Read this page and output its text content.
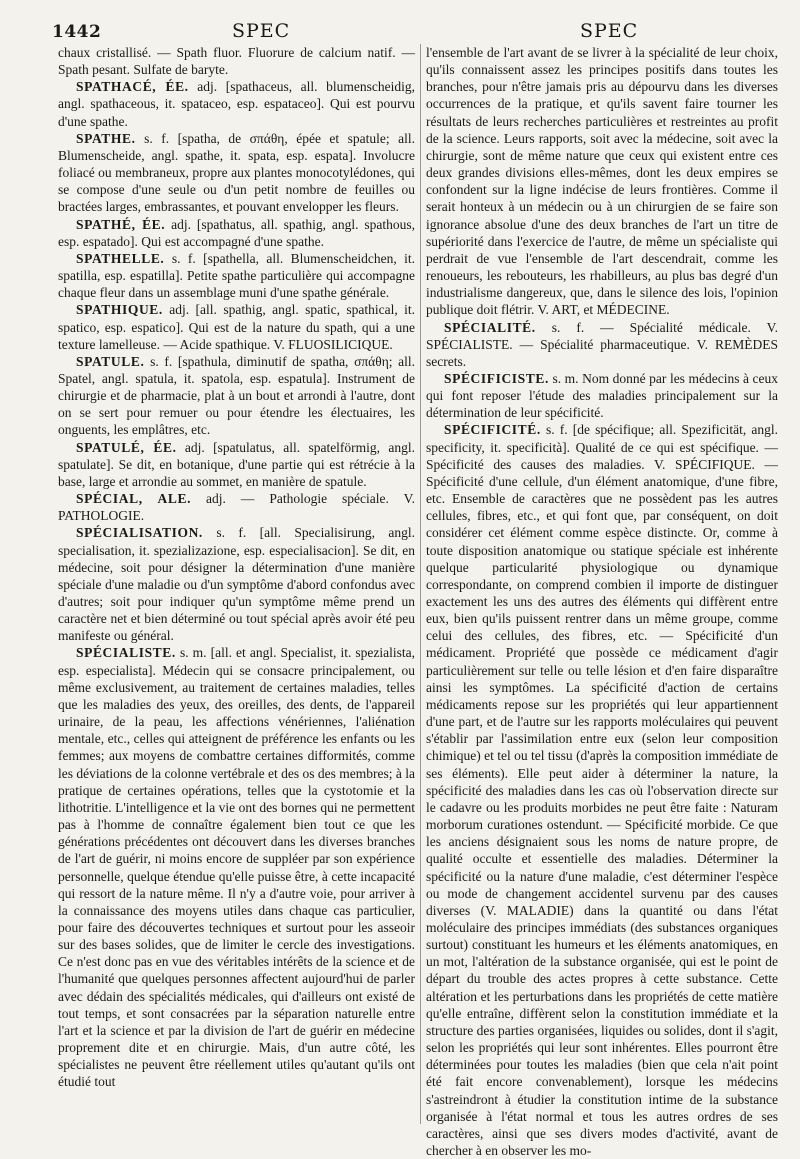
1442	SPEC	SPEC

chaux cristallisé. — Spath fluor. Fluorure de calcium natif. — Spath pesant. Sulfate de baryte.

SPATHACÉ, ÉE. adj. [spathaceus, all. blumenscheidig, angl. spathaceous, it. spataceo, esp. espataceo]. Qui est pourvu d'une spathe.

SPATHE. s. f. [spatha, de σπάθη, épée et spatule; all. Blumenscheide, angl. spathe, it. spata, esp. espata]. Involucre foliacé ou membraneux, propre aux plantes monocotylédones, qui se compose d'une seule ou d'un petit nombre de feuilles ou bractées larges, embrassantes, et pouvant envelopper les fleurs.

SPATHÉ, ÉE. adj. [spathatus, all. spathig, angl. spathous, esp. espatado]. Qui est accompagné d'une spathe.

SPATHELLE. s. f. [spathella, all. Blumenscheidchen, it. spatilla, esp. espatilla]. Petite spathe particulière qui accompagne chaque fleur dans un assemblage muni d'une spathe générale.

SPATHIQUE. adj. [all. spathig, angl. spatic, spathical, it. spatico, esp. espatico]. Qui est de la nature du spath, qui a une texture lamelleuse. — Acide spathique. V. FLUOSILICIQUE.

SPATULE. s. f. [spathula, diminutif de spatha, σπάθη; all. Spatel, angl. spatula, it. spatola, esp. espatula]. Instrument de chirurgie et de pharmacie, plat à un bout et arrondi à l'autre, dont on se sert pour remuer ou pour étendre les électuaires, les onguents, les emplâtres, etc.

SPATULÉ, ÉE. adj. [spatulatus, all. spatelförmig, angl. spatulate]. Se dit, en botanique, d'une partie qui est rétrécie à la base, large et arrondie au sommet, en manière de spatule.

SPÉCIAL, ALE. adj. — Pathologie spéciale. V. PATHOLOGIE.

SPÉCIALISATION. s. f. [all. Specialisirung, angl. specialisation, it. spezializazione, esp. especialisacion]. Se dit, en médecine, soit pour désigner la détermination d'une manière spéciale d'une maladie ou d'un symptôme d'abord confondus avec d'autres; soit pour indiquer qu'un symptôme même prend un caractère net et bien déterminé ou tout spécial après avoir été peu manifeste ou général.

SPÉCIALISTE. s. m. [all. et angl. Specialist, it. spezialista, esp. especialista]. Médecin qui se consacre principalement, ou même exclusivement, au traitement de certaines maladies, telles que les maladies des yeux, des oreilles, des dents, de l'appareil urinaire, de la peau, les affections vénériennes, l'aliénation mentale, etc., celles qui atteignent de préférence les enfants ou les femmes; aux moyens de combattre certaines difformités, comme les déviations de la colonne vertébrale et des os des membres; à la pratique de certaines opérations, telles que la cystotomie et la lithotritie. L'intelligence et la vie ont des bornes qui ne permettent pas à l'homme de connaître également bien tout ce que les générations précédentes ont découvert dans les diverses branches de l'art de guérir, ni moins encore de suppléer par son expérience personnelle, quelque étendue qu'elle puisse être, à cette incapacité qui ressort de la nature même. Il n'y a d'autre voie, pour arriver à la connaissance des moyens utiles dans chaque cas particulier, pour faire des découvertes techniques et surtout pour les asseoir sur des bases solides, que de limiter le cercle des investigations. Ce n'est donc pas en vue des véritables intérêts de la science et de l'humanité que quelques personnes affectent aujourd'hui de parler avec dédain des spécialités médicales, qui d'ailleurs ont existé de tout temps, et sont consacrées par la séparation naturelle entre l'art et la science et par la division de l'art de guérir en médecine proprement dite et en chirurgie. Mais, d'un autre côté, les spécialistes ne peuvent être réellement utiles qu'autant qu'ils ont étudié tout

l'ensemble de l'art avant de se livrer à la spécialité de leur choix, qu'ils connaissent assez les principes positifs dans toutes les branches, pour n'être jamais pris au dépourvu dans les diverses occurrences de la pratique, et qu'ils savent faire tourner les résultats de leurs recherches particulières et restreintes au profit de la science. Leurs rapports, soit avec la médecine, soit avec la chirurgie, sont de même nature que ceux qui existent entre ces deux grandes divisions elles-mêmes, dont les deux empires se confondent sur la ligne indécise de leurs frontières. Comme il serait honteux à un médecin ou à un chirurgien de se faire son ignorance absolue d'une des deux branches de l'art un titre de supériorité dans l'exercice de l'autre, de même un spécialiste qui perdrait de vue l'ensemble de l'art descendrait, comme les renoueurs, les rebouteurs, les rhabilleurs, au plus bas degré d'un industrialisme dangereux, que, dans le silence des lois, l'opinion publique doit flétrir. V. ART, et MÉDECINE.

SPÉCIALITÉ. s. f. — Spécialité médicale. V. SPÉCIALISTE. — Spécialité pharmaceutique. V. REMÈDES secrets.

SPÉCIFICISTE. s. m. Nom donné par les médecins à ceux qui font reposer l'étude des maladies principalement sur la détermination de leur spécificité.

SPÉCIFICITÉ. s. f. [de spécifique; all. Spezificität, angl. specificity, it. specificità]. Qualité de ce qui est spécifique. — Spécificité des causes des maladies. V. SPÉCIFIQUE. — Spécificité d'une cellule, d'un élément anatomique, d'une fibre, etc. Ensemble de caractères que ne possèdent pas les autres cellules, fibres, etc., et qui font que, par conséquent, on doit considérer cet élément comme espèce distincte. Or, comme à toute disposition anatomique ou statique spéciale est inhérente quelque particularité physiologique ou dynamique correspondante, on comprend combien il importe de distinguer exactement les uns des autres des éléments qui diffèrent entre eux, bien qu'ils puissent rentrer dans un même groupe, comme celui des cellules, des fibres, etc. — Spécificité d'un médicament. Propriété que possède ce médicament d'agir particulièrement sur telle ou telle lésion et d'en faire disparaître ainsi les symptômes. La spécificité d'action de certains médicaments repose sur les propriétés qui leur appartiennent d'une part, et de l'autre sur les rapports moléculaires qui peuvent s'établir par l'assimilation entre eux (selon leur composition chimique) et tel ou tel tissu (d'après la composition immédiate de ses éléments). Elle peut aider à déterminer la nature, la spécificité des maladies dans les cas où l'observation directe sur le cadavre ou les produits morbides ne peut être faite : Naturam morborum curationes ostendunt. — Spécificité morbide. Ce que les anciens désignaient sous les noms de nature propre, de qualité occulte et essentielle des maladies. Déterminer la spécificité ou la nature d'une maladie, c'est déterminer l'espèce ou mode de changement accidentel survenu par des causes diverses (V. MALADIE) dans la quantité ou dans l'état moléculaire des principes immédiats (des substances organiques surtout) constituant les humeurs et les éléments anatomiques, en un mot, l'altération de la substance organisée, qui est le point de départ du trouble des actes propres à cette substance. Cette altération et les perturbations dans les propriétés de cette matière qu'elle entraîne, diffèrent selon la constitution immédiate et la structure des parties organisées, liquides ou solides, dont il s'agit, selon les propriétés qui leur sont inhérentes. Elles pourront être déterminées pour toutes les maladies (bien que cela n'ait point été fait encore convenablement), lorsque les médecins s'astreindront à étudier la constitution intime de la substance organisée à l'état normal et tous les autres ordres de ses caractères, ainsi que ses divers modes d'activité, avant de chercher à en observer les mo-
